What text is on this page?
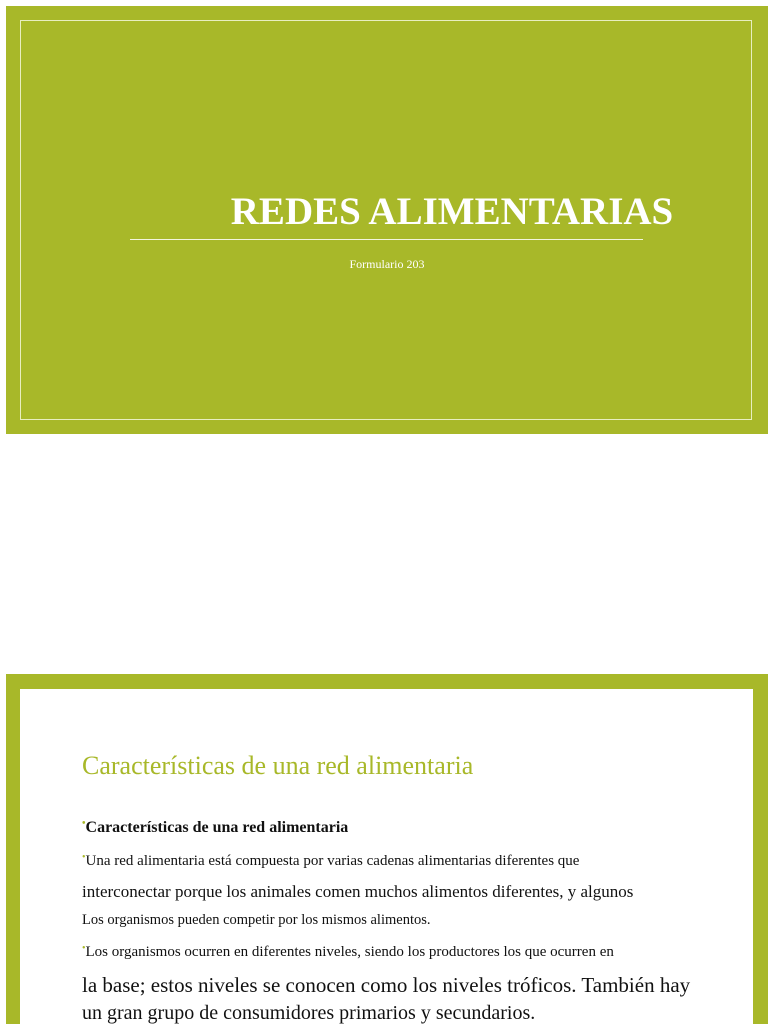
REDES ALIMENTARIAS
Formulario 203
Características de una red alimentaria
•Características de una red alimentaria
•Una red alimentaria está compuesta por varias cadenas alimentarias diferentes que
interconectar porque los animales comen muchos alimentos diferentes, y algunos
Los organismos pueden competir por los mismos alimentos.
•Los organismos ocurren en diferentes niveles, siendo los productores los que ocurren en
la base; estos niveles se conocen como los niveles tróficos. También hay
un gran grupo de consumidores primarios y secundarios.
